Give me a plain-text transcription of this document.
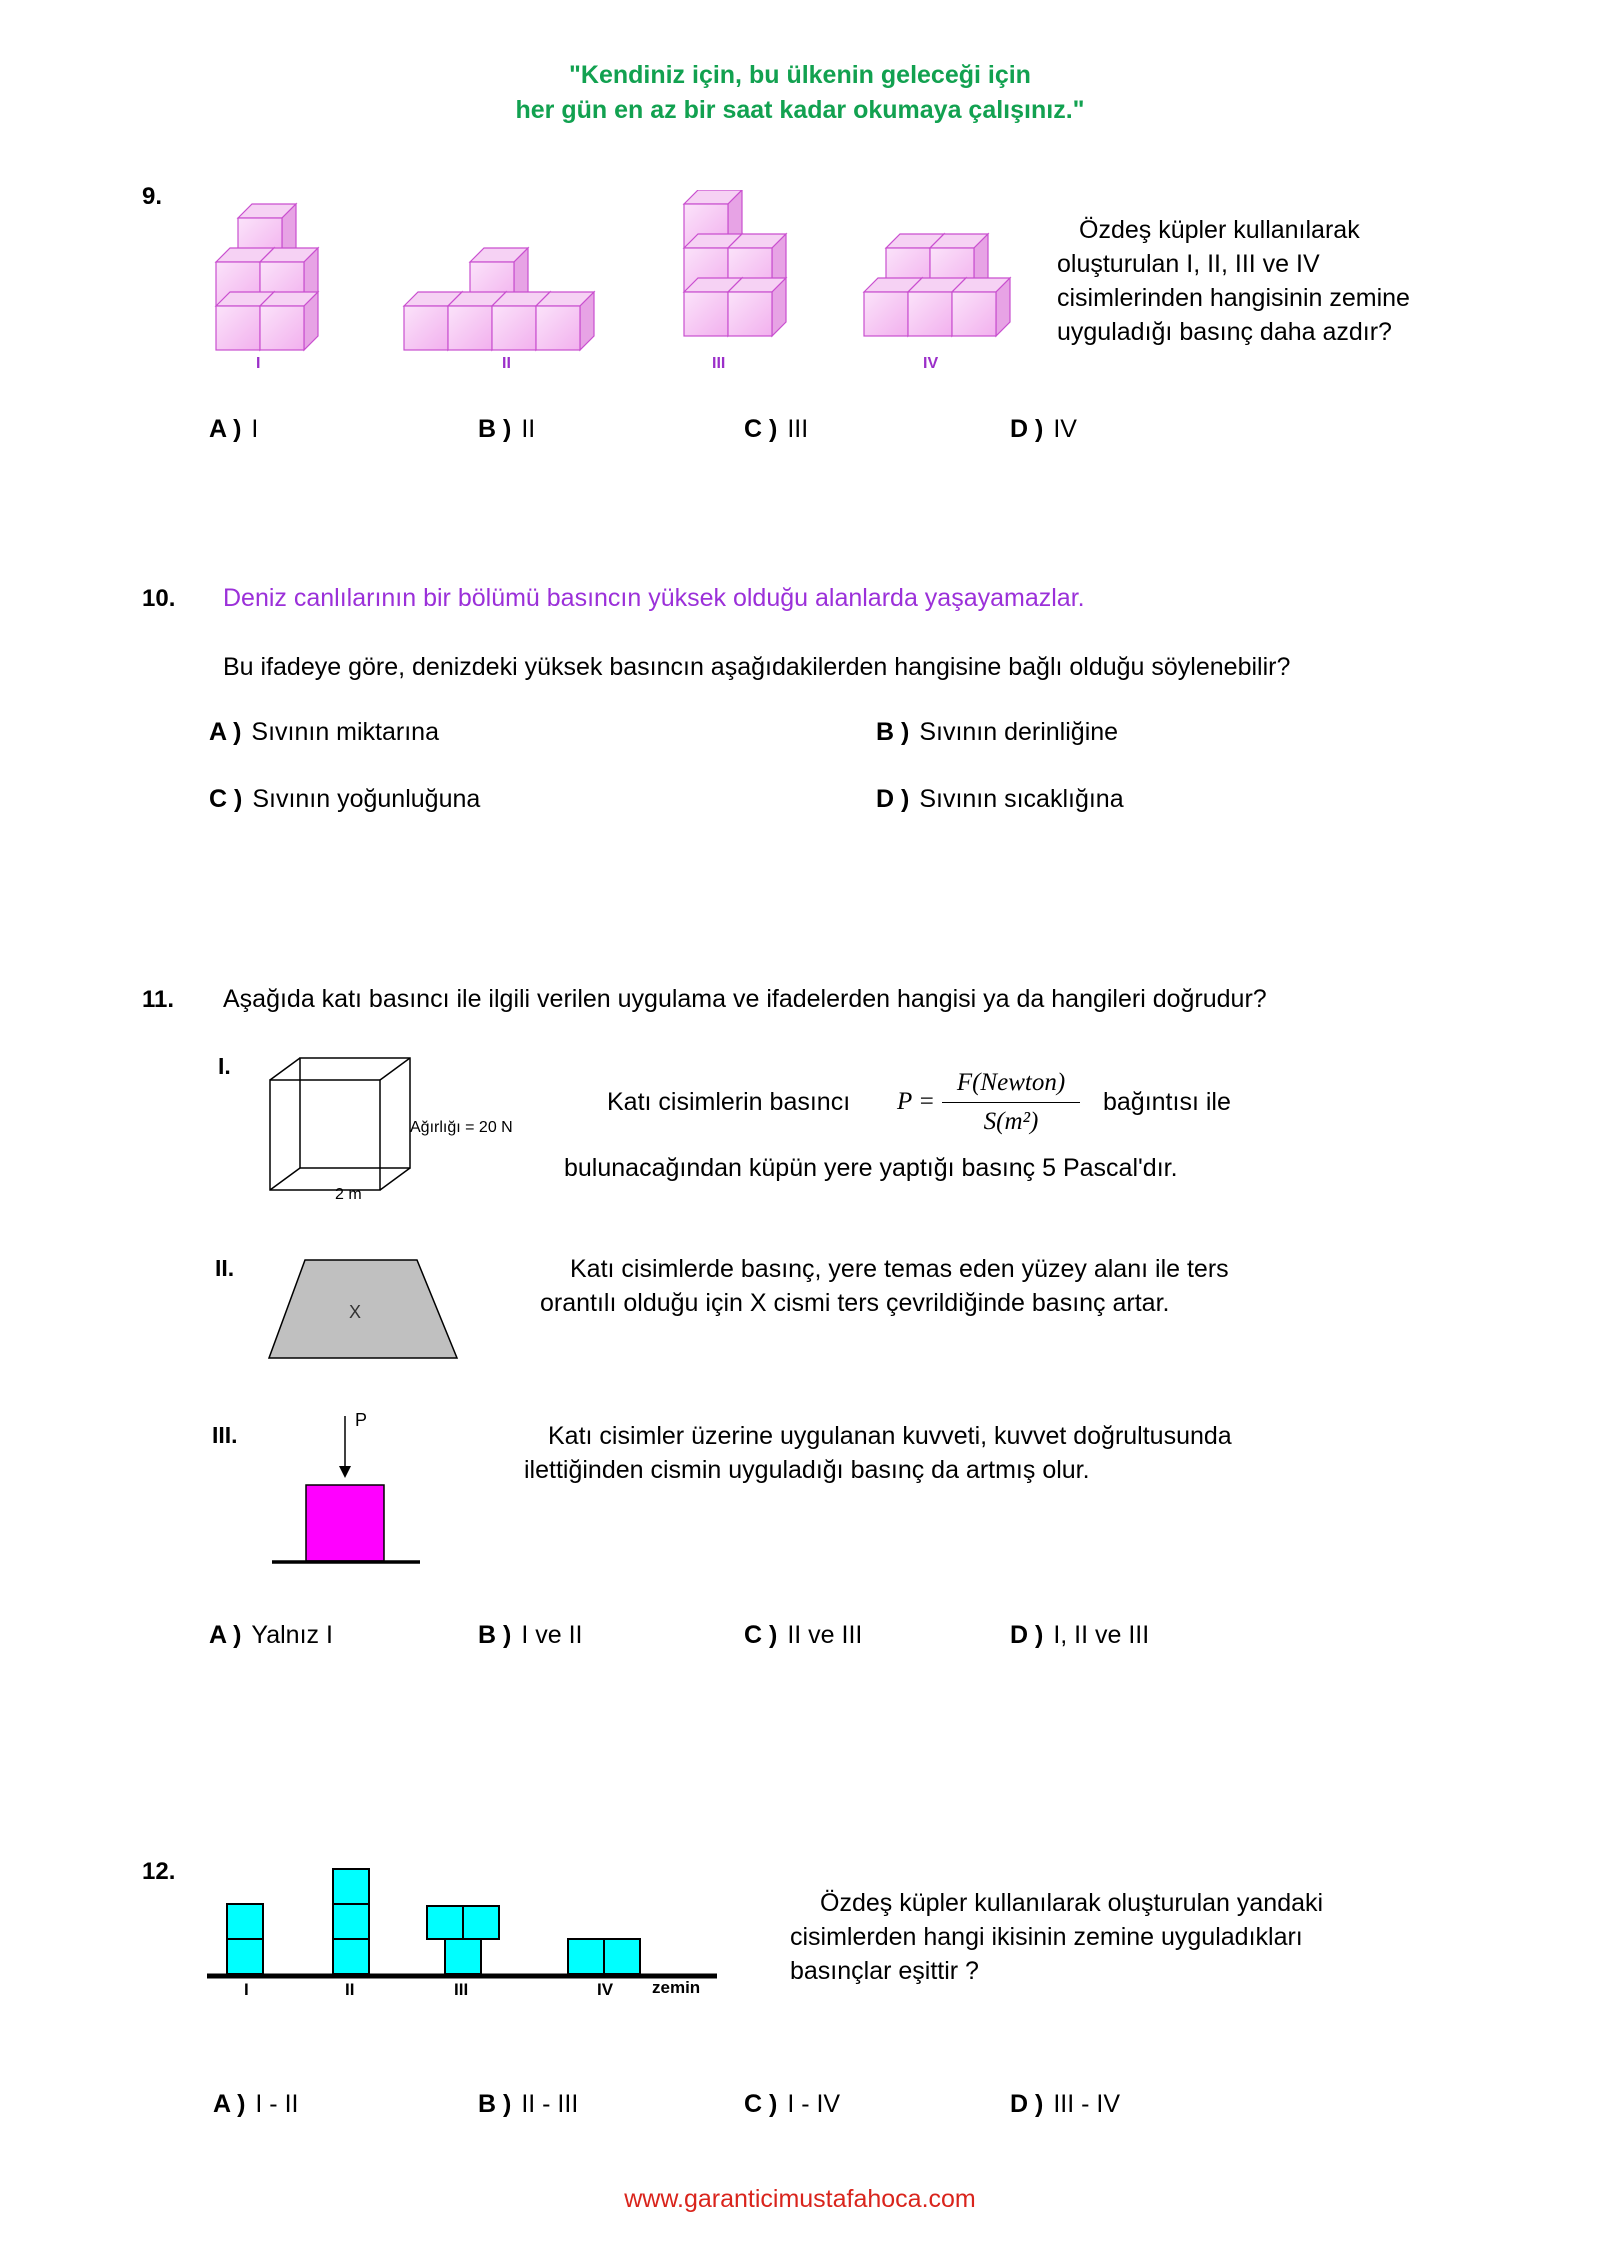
"Kendiniz için, bu ülkenin geleceği için
her gün en az bir saat kadar okumaya çalışınız."
9.
I	II	III	IV
Özdeş küpler kullanılarak oluşturulan I, II, III ve IV cisimlerinden hangisinin zemine uyguladığı basınç daha azdır?
A ) I	B ) II	C ) III	D ) IV
10. Deniz canlılarının bir bölümü basıncın yüksek olduğu alanlarda yaşayamazlar.
Bu ifadeye göre, denizdeki yüksek basıncın aşağıdakilerden hangisine bağlı olduğu söylenebilir?
A ) Sıvının miktarına	B ) Sıvının derinliğine
C ) Sıvının yoğunluğuna	D ) Sıvının sıcaklığına
11. Aşağıda katı basıncı ile ilgili verilen uygulama ve ifadelerden hangisi ya da hangileri doğrudur?
I.
Ağırlığı = 20 N
2 m
Katı cisimlerin basıncı P =
F(Newton)
S(m²)
bağıntısı ile
bulunacağından küpün yere yaptığı basınç 5 Pascal'dır.
II.
X
Katı cisimlerde basınç, yere temas eden yüzey alanı ile ters orantılı olduğu için X cismi ters çevrildiğinde basınç artar.
III.
P
Katı cisimler üzerine uygulanan kuvveti, kuvvet doğrultusunda ilettiğinden cismin uyguladığı basınç da artmış olur.
A ) Yalnız I	B ) I ve II	C ) II ve III	D ) I, II ve III
12.
I	II	III	IV zemin
Özdeş küpler kullanılarak oluşturulan yandaki cisimlerden hangi ikisinin zemine uyguladıkları basınçlar eşittir ?
A ) I - II	B ) II - III	C ) I - IV	D ) III - IV
www.garanticimustafahoca.com
